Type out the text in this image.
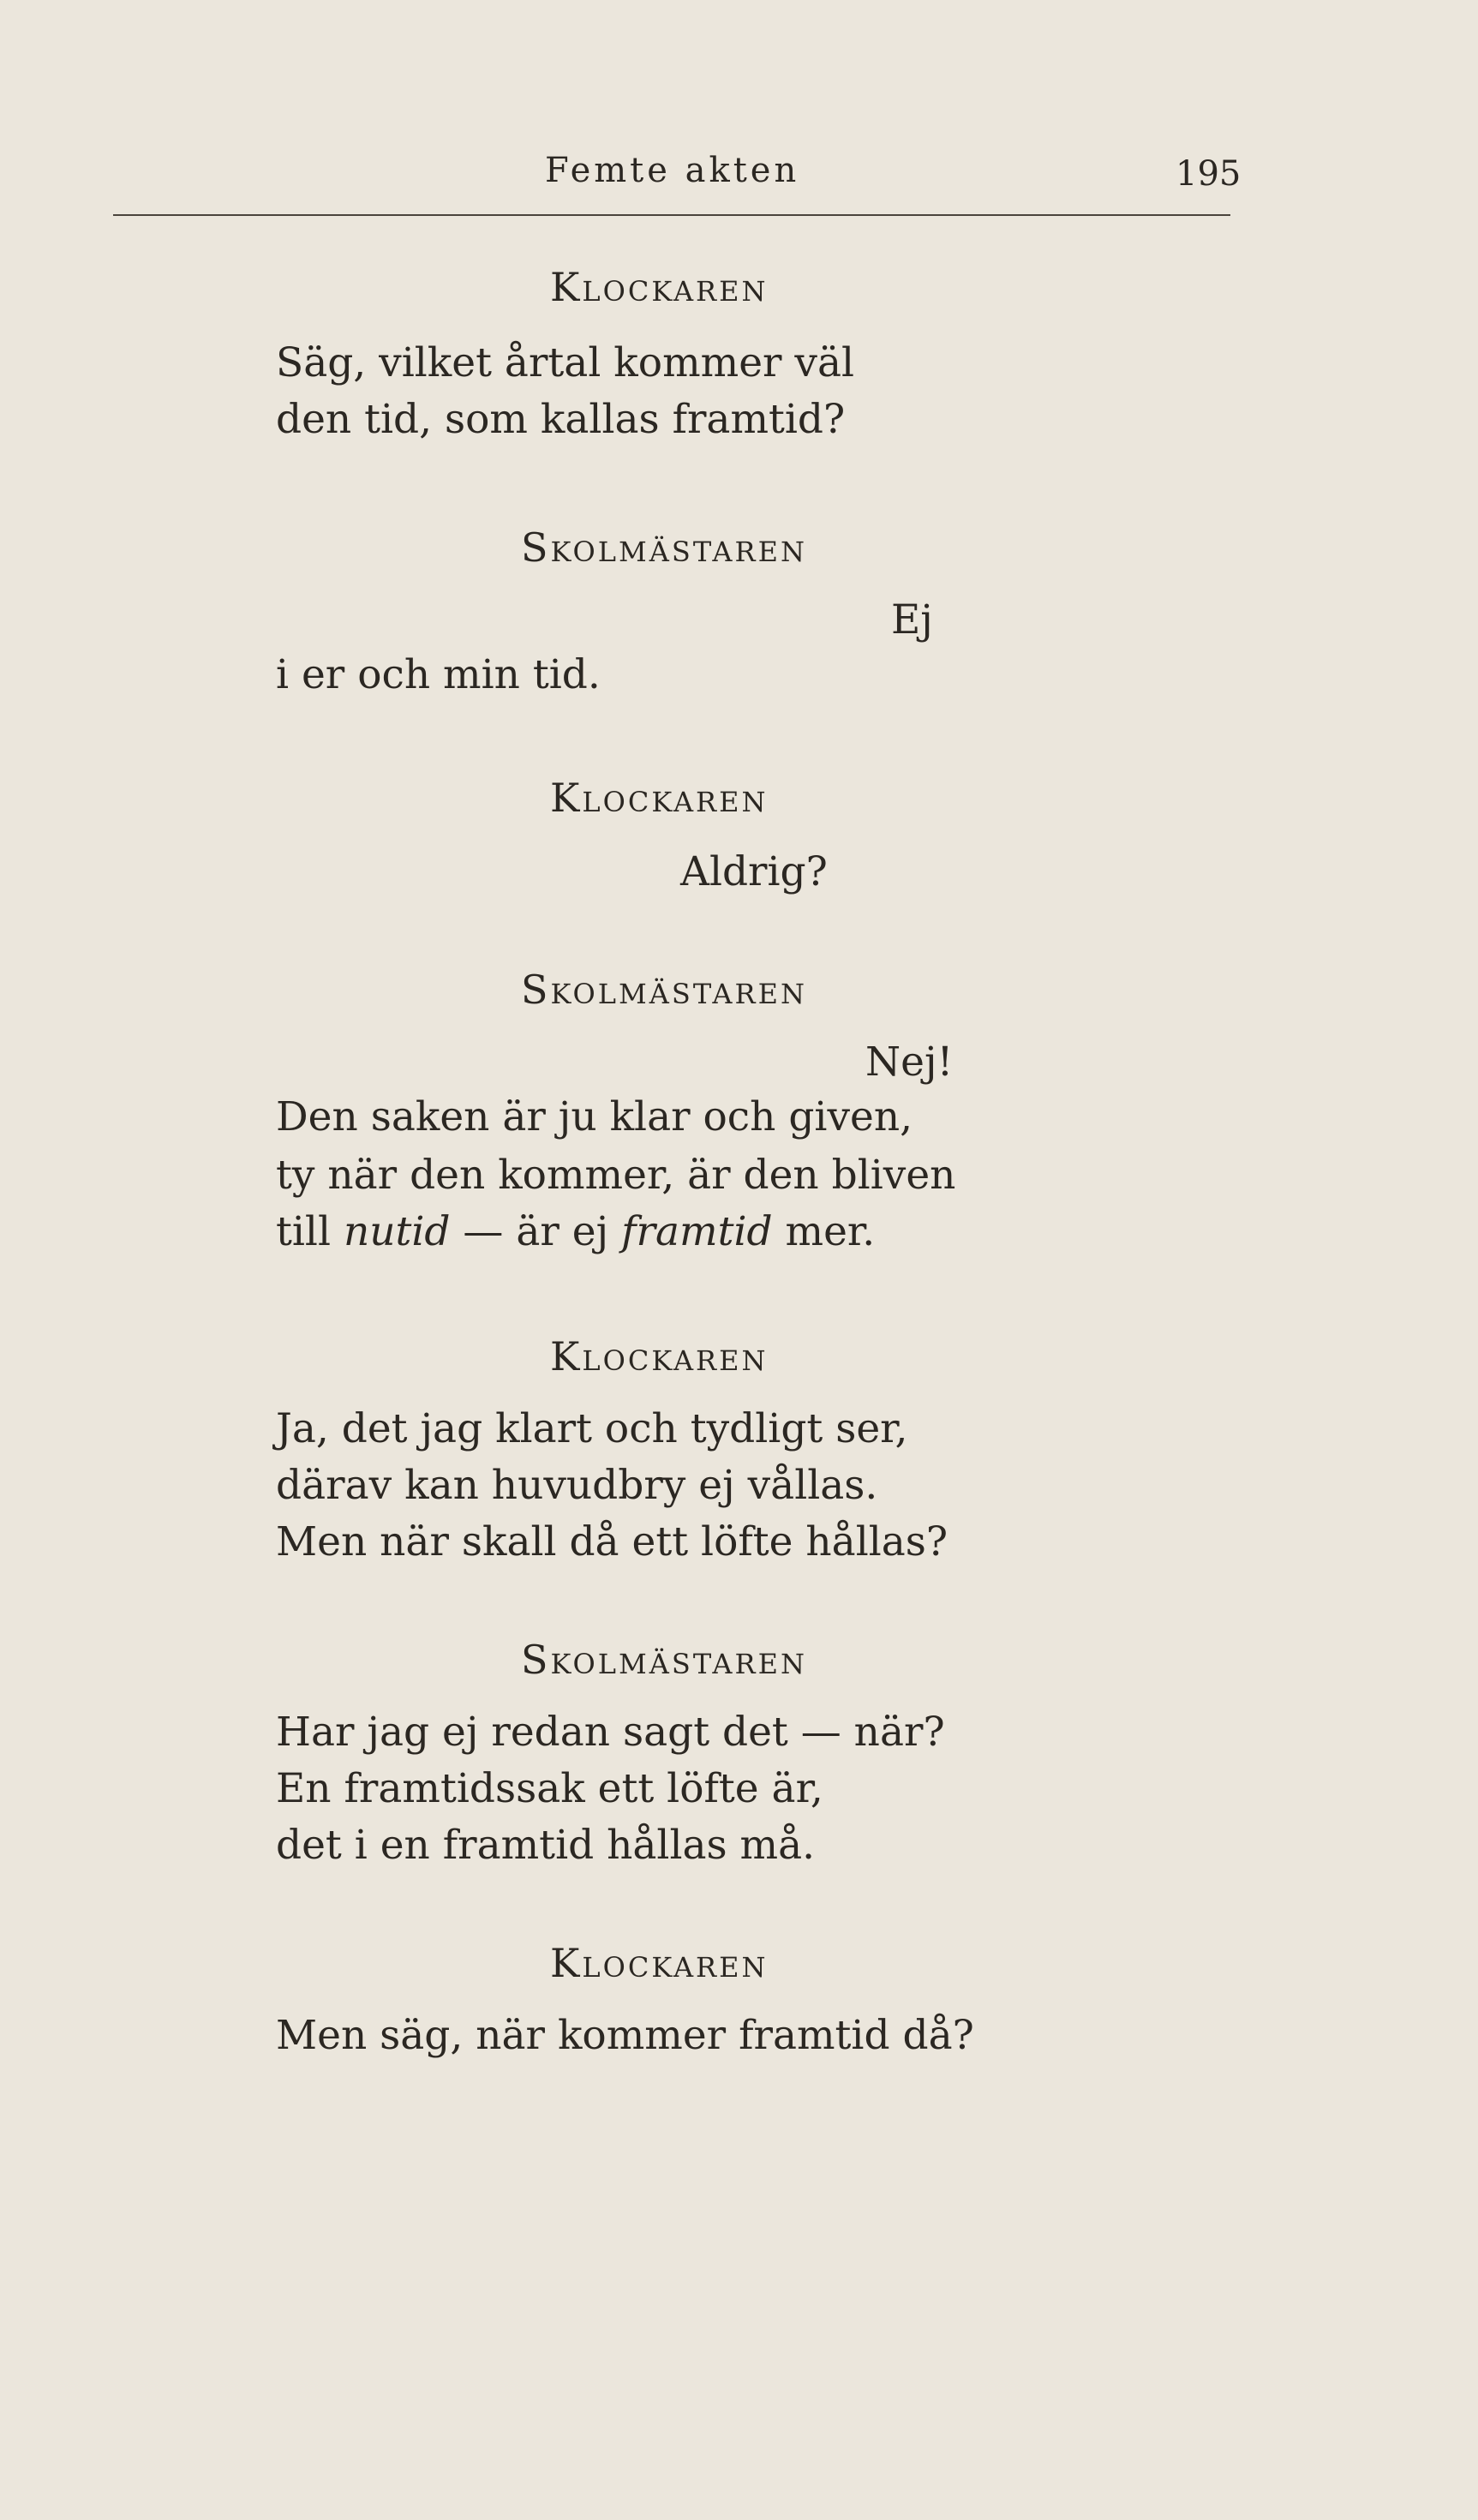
Femte akten	195
Klockaren
Säg, vilket årtal kommer väl
den tid, som kallas framtid?
Skolmästaren
Ej
i er och min tid.
Klockaren
Aldrig?
Skolmästaren
Nej!
Den saken är ju klar och given,
ty när den kommer, är den bliven
till nutid — är ej framtid mer.
Klockaren
Ja, det jag klart och tydligt ser,
därav kan huvudbry ej vållas.
Men när skall då ett löfte hållas?
Skolmästaren
Har jag ej redan sagt det — när?
En framtidssak ett löfte är,
det i en framtid hållas må.
Klockaren
Men säg, när kommer framtid då?
